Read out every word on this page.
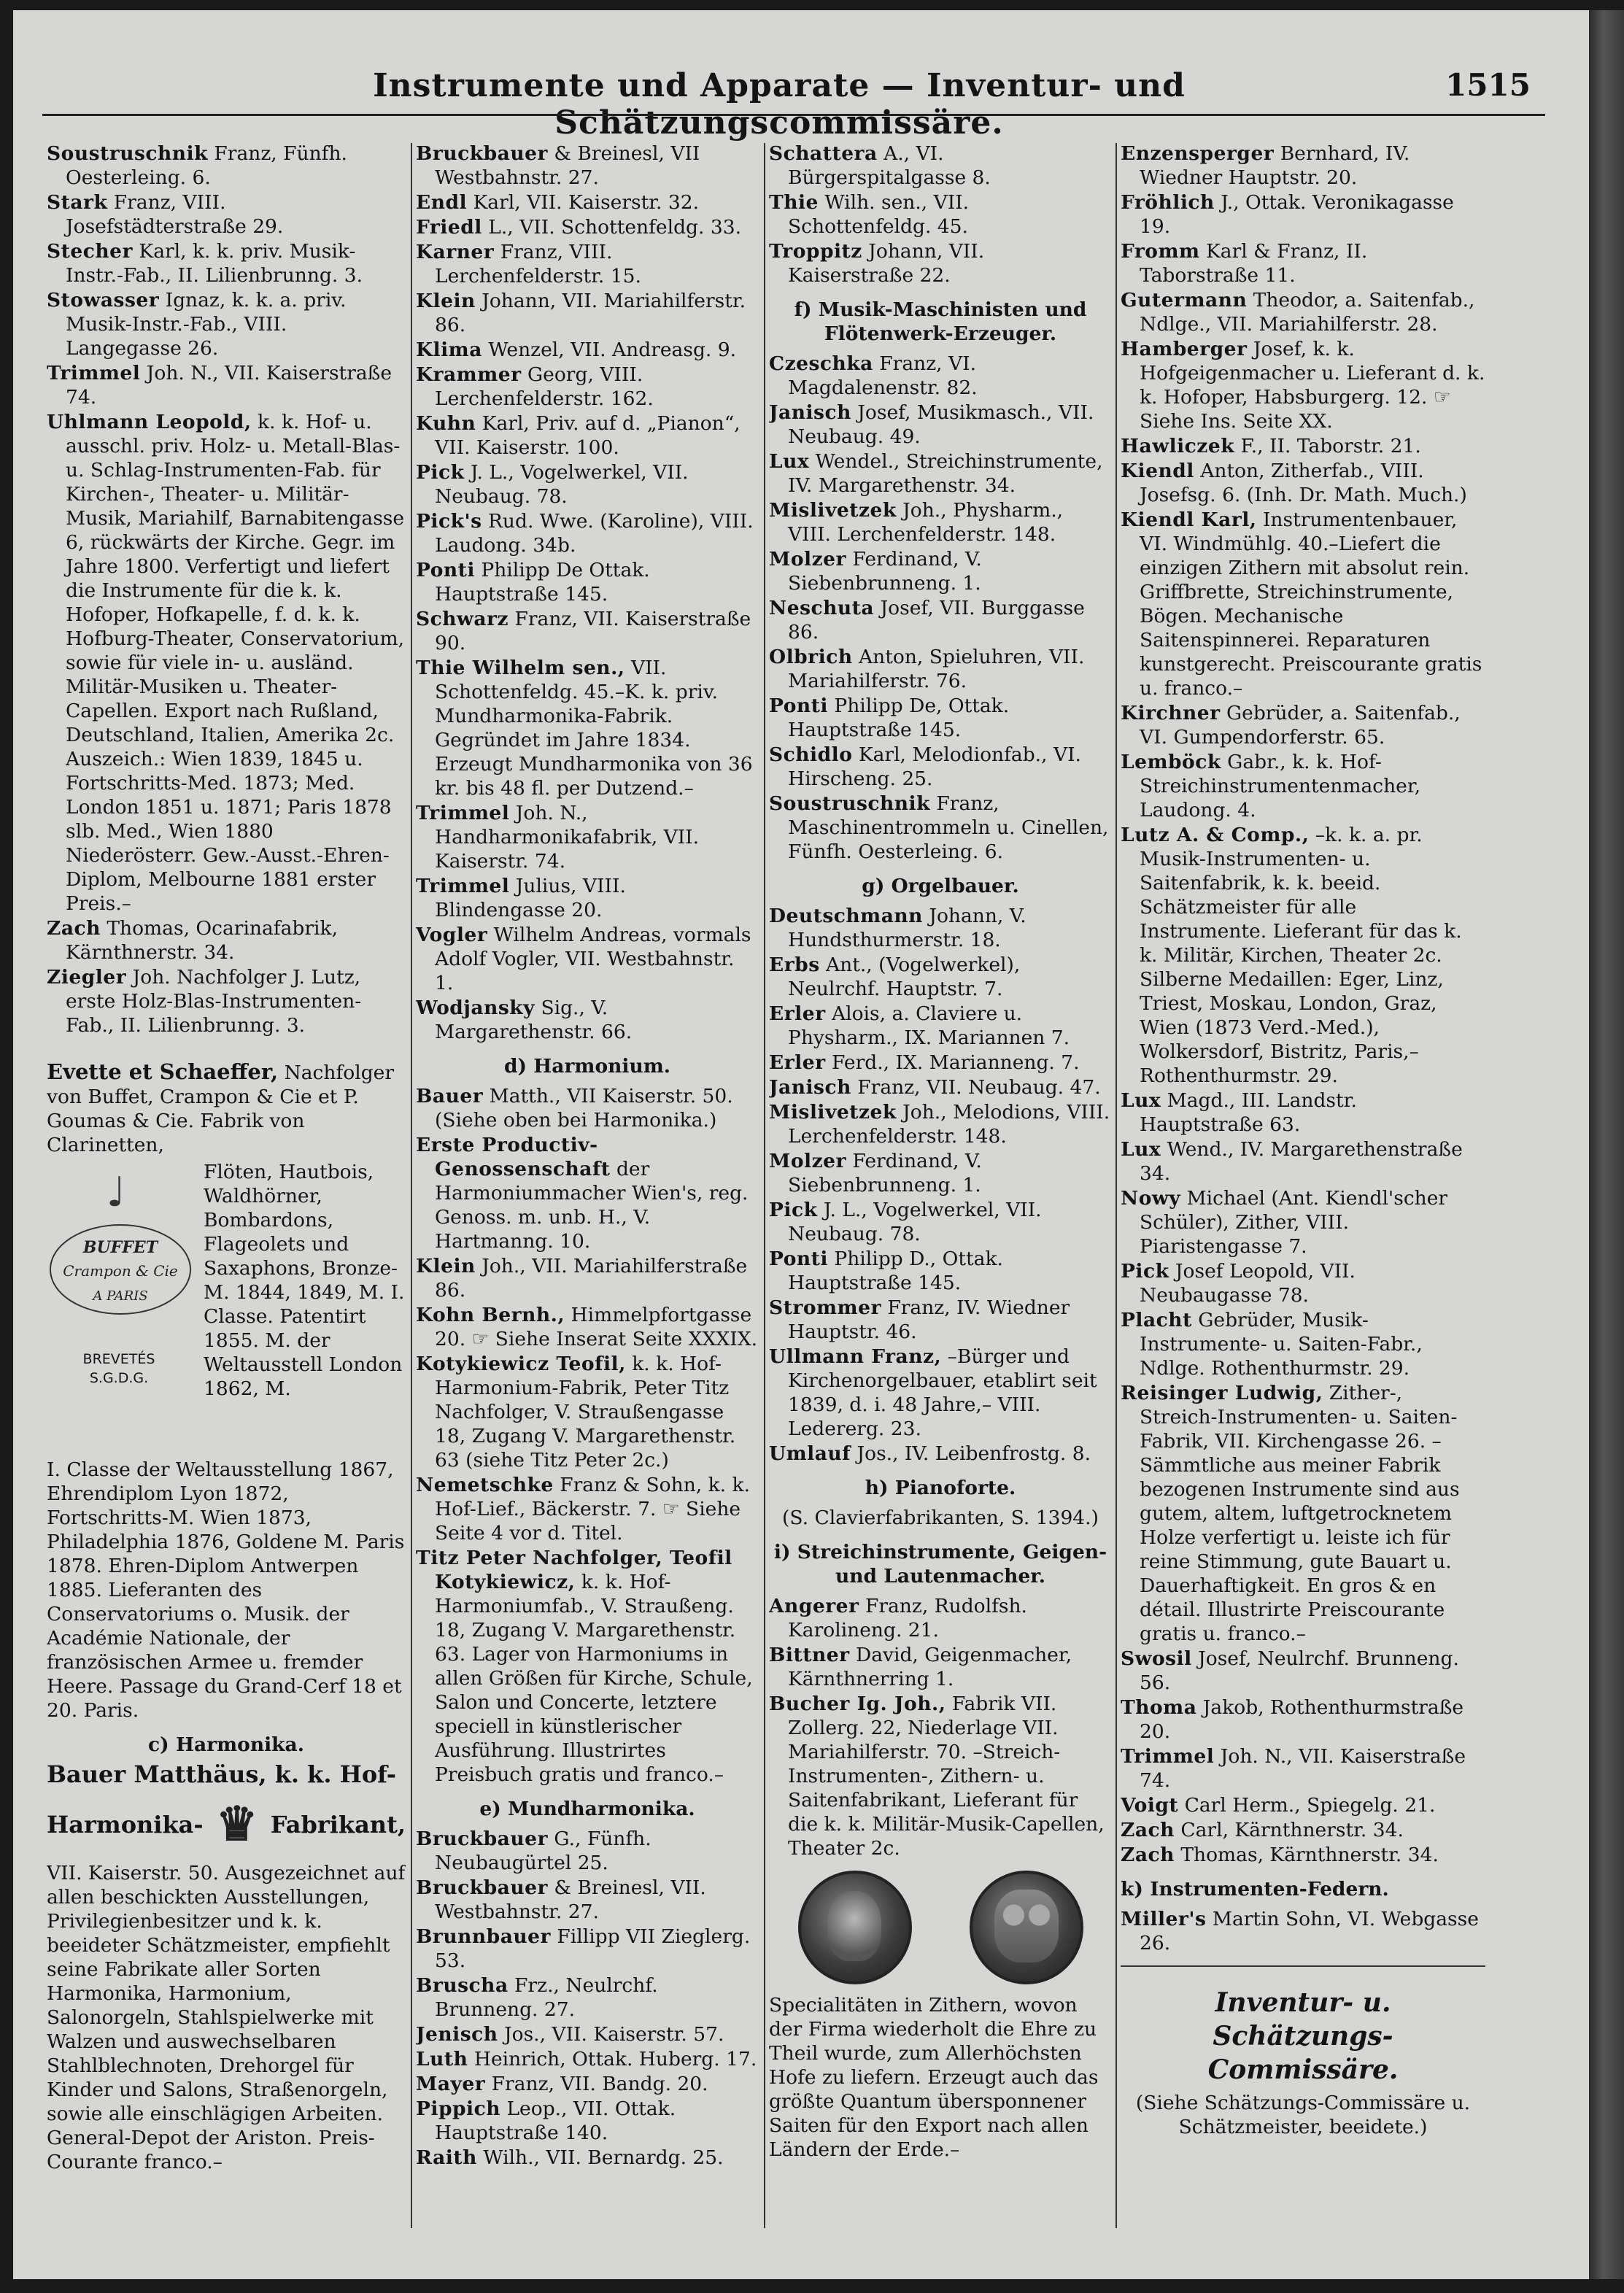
Instrumente und Apparate — Inventur- und Schätzungscommissäre.
1515
Soustruschnik Franz, Fünfh. Oesterleing. 6.
Stark Franz, VIII. Josefstädterstraße 29.
Stecher Karl, k. k. priv. Musik-Instr.-Fab., II. Lilienbrunng. 3.
Stowasser Ignaz, k. k. a. priv. Musik-Instr.-Fab., VIII. Langegasse 26.
Trimmel Joh. N., VII. Kaiserstraße 74.
Uhlmann Leopold, k. k. Hof- u. ausschl. priv. Holz- u. Metall-Blas- u. Schlag-Instrumenten-Fab. für Kirchen-, Theater- u. Militär-Musik, Mariahilf, Barnabitengasse 6, rückwärts der Kirche. Gegr. im Jahre 1800. Verfertigt und liefert die Instrumente für die k. k. Hofoper, Hofkapelle, f. d. k. k. Hofburg-Theater, Conservatorium, sowie für viele in- u. ausländ. Militär-Musiken u. Theater-Capellen. Export nach Rußland, Deutschland, Italien, Amerika 2c. Auszeich.: Wien 1839, 1845 u. Fortschritts-Med. 1873; Med. London 1851 u. 1871; Paris 1878 slb. Med., Wien 1880 Niederösterr. Gew.-Ausst.-Ehren-Diplom, Melbourne 1881 erster Preis.–
Zach Thomas, Ocarinafabrik, Kärnthnerstr. 34.
Ziegler Joh. Nachfolger J. Lutz, erste Holz-Blas-Instrumenten-Fab., II. Lilienbrunng. 3.
Evette et Schaeffer, Nachfolger von Buffet, Crampon & Cie et P. Goumas & Cie. Fabrik von Clarinetten,
♩
BUFFET
Crampon & Cie
A PARIS
BREVETÉS
S.G.D.G.
Flöten, Hautbois, Waldhörner, Bombardons, Flageolets und Saxaphons, Bronze-M. 1844, 1849, M. I. Classe. Patentirt 1855. M. der Weltausstell London 1862, M.
I. Classe der Weltausstellung 1867, Ehrendiplom Lyon 1872, Fortschritts-M. Wien 1873, Philadelphia 1876, Goldene M. Paris 1878. Ehren-Diplom Antwerpen 1885. Lieferanten des Conservatoriums o. Musik. der Académie Nationale, der französischen Armee u. fremder Heere. Passage du Grand-Cerf 18 et 20. Paris.
c) Harmonika.
Bauer Matthäus, k. k. Hof-
Harmonika- ♛ Fabrikant,
VII. Kaiserstr. 50. Ausgezeichnet auf allen beschickten Ausstellungen, Privilegienbesitzer und k. k. beeideter Schätzmeister, empfiehlt seine Fabrikate aller Sorten Harmonika, Harmonium, Salonorgeln, Stahlspielwerke mit Walzen und auswechselbaren Stahlblechnoten, Drehorgel für Kinder und Salons, Straßenorgeln, sowie alle einschlägigen Arbeiten. General-Depot der Ariston. Preis-Courante franco.–
Bruckbauer & Breinesl, VII Westbahnstr. 27.
Endl Karl, VII. Kaiserstr. 32.
Friedl L., VII. Schottenfeldg. 33.
Karner Franz, VIII. Lerchenfelderstr. 15.
Klein Johann, VII. Mariahilferstr. 86.
Klima Wenzel, VII. Andreasg. 9.
Krammer Georg, VIII. Lerchenfelderstr. 162.
Kuhn Karl, Priv. auf d. „Pianon“, VII. Kaiserstr. 100.
Pick J. L., Vogelwerkel, VII. Neubaug. 78.
Pick's Rud. Wwe. (Karoline), VIII. Laudong. 34b.
Ponti Philipp De Ottak. Hauptstraße 145.
Schwarz Franz, VII. Kaiserstraße 90.
Thie Wilhelm sen., VII. Schottenfeldg. 45.–K. k. priv. Mundharmonika-Fabrik. Gegründet im Jahre 1834. Erzeugt Mundharmonika von 36 kr. bis 48 fl. per Dutzend.–
Trimmel Joh. N., Handharmonikafabrik, VII. Kaiserstr. 74.
Trimmel Julius, VIII. Blindengasse 20.
Vogler Wilhelm Andreas, vormals Adolf Vogler, VII. Westbahnstr. 1.
Wodjansky Sig., V. Margarethenstr. 66.
d) Harmonium.
Bauer Matth., VII Kaiserstr. 50. (Siehe oben bei Harmonika.)
Erste Productiv-Genossenschaft der Harmoniummacher Wien's, reg. Genoss. m. unb. H., V. Hartmanng. 10.
Klein Joh., VII. Mariahilferstraße 86.
Kohn Bernh., Himmelpfortgasse 20. ☞ Siehe Inserat Seite XXXIX.
Kotykiewicz Teofil, k. k. Hof-Harmonium-Fabrik, Peter Titz Nachfolger, V. Straußengasse 18, Zugang V. Margarethenstr. 63 (siehe Titz Peter 2c.)
Nemetschke Franz & Sohn, k. k. Hof-Lief., Bäckerstr. 7. ☞ Siehe Seite 4 vor d. Titel.
Titz Peter Nachfolger, Teofil Kotykiewicz, k. k. Hof-Harmoniumfab., V. Straußeng. 18, Zugang V. Margarethenstr. 63. Lager von Harmoniums in allen Größen für Kirche, Schule, Salon und Concerte, letztere speciell in künstlerischer Ausführung. Illustrirtes Preisbuch gratis und franco.–
e) Mundharmonika.
Bruckbauer G., Fünfh. Neubaugürtel 25.
Bruckbauer & Breinesl, VII. Westbahnstr. 27.
Brunnbauer Fillipp VII Zieglerg. 53.
Bruscha Frz., Neulrchf. Brunneng. 27.
Jenisch Jos., VII. Kaiserstr. 57.
Luth Heinrich, Ottak. Huberg. 17.
Mayer Franz, VII. Bandg. 20.
Pippich Leop., VII. Ottak. Hauptstraße 140.
Raith Wilh., VII. Bernardg. 25.
Schattera A., VI. Bürgerspitalgasse 8.
Thie Wilh. sen., VII. Schottenfeldg. 45.
Troppitz Johann, VII. Kaiserstraße 22.
f) Musik-Maschinisten und Flötenwerk-Erzeuger.
Czeschka Franz, VI. Magdalenenstr. 82.
Janisch Josef, Musikmasch., VII. Neubaug. 49.
Lux Wendel., Streichinstrumente, IV. Margarethenstr. 34.
Mislivetzek Joh., Physharm., VIII. Lerchenfelderstr. 148.
Molzer Ferdinand, V. Siebenbrunneng. 1.
Neschuta Josef, VII. Burggasse 86.
Olbrich Anton, Spieluhren, VII. Mariahilferstr. 76.
Ponti Philipp De, Ottak. Hauptstraße 145.
Schidlo Karl, Melodionfab., VI. Hirscheng. 25.
Soustruschnik Franz, Maschinentrommeln u. Cinellen, Fünfh. Oesterleing. 6.
g) Orgelbauer.
Deutschmann Johann, V. Hundsthurmerstr. 18.
Erbs Ant., (Vogelwerkel), Neulrchf. Hauptstr. 7.
Erler Alois, a. Claviere u. Physharm., IX. Mariannen 7.
Erler Ferd., IX. Marianneng. 7.
Janisch Franz, VII. Neubaug. 47.
Mislivetzek Joh., Melodions, VIII. Lerchenfelderstr. 148.
Molzer Ferdinand, V. Siebenbrunneng. 1.
Pick J. L., Vogelwerkel, VII. Neubaug. 78.
Ponti Philipp D., Ottak. Hauptstraße 145.
Strommer Franz, IV. Wiedner Hauptstr. 46.
Ullmann Franz, –Bürger und Kirchenorgelbauer, etablirt seit 1839, d. i. 48 Jahre,– VIII. Ledererg. 23.
Umlauf Jos., IV. Leibenfrostg. 8.
h) Pianoforte.
(S. Clavierfabrikanten, S. 1394.)
i) Streichinstrumente, Geigen- und Lautenmacher.
Angerer Franz, Rudolfsh. Karolineng. 21.
Bittner David, Geigenmacher, Kärnthnerring 1.
Bucher Ig. Joh., Fabrik VII. Zollerg. 22, Niederlage VII. Mariahilferstr. 70. –Streich-Instrumenten-, Zithern- u. Saitenfabrikant, Lieferant für die k. k. Militär-Musik-Capellen, Theater 2c.
Specialitäten in Zithern, wovon der Firma wiederholt die Ehre zu Theil wurde, zum Allerhöchsten Hofe zu liefern. Erzeugt auch das größte Quantum übersponnener Saiten für den Export nach allen Ländern der Erde.–
Enzensperger Bernhard, IV. Wiedner Hauptstr. 20.
Fröhlich J., Ottak. Veronikagasse 19.
Fromm Karl & Franz, II. Taborstraße 11.
Gutermann Theodor, a. Saitenfab., Ndlge., VII. Mariahilferstr. 28.
Hamberger Josef, k. k. Hofgeigenmacher u. Lieferant d. k. k. Hofoper, Habsburgerg. 12. ☞ Siehe Ins. Seite XX.
Hawliczek F., II. Taborstr. 21.
Kiendl Anton, Zitherfab., VIII. Josefsg. 6. (Inh. Dr. Math. Much.)
Kiendl Karl, Instrumentenbauer, VI. Windmühlg. 40.–Liefert die einzigen Zithern mit absolut rein. Griffbrette, Streichinstrumente, Bögen. Mechanische Saitenspinnerei. Reparaturen kunstgerecht. Preiscourante gratis u. franco.–
Kirchner Gebrüder, a. Saitenfab., VI. Gumpendorferstr. 65.
Lemböck Gabr., k. k. Hof-Streichinstrumentenmacher, Laudong. 4.
Lutz A. & Comp., –k. k. a. pr. Musik-Instrumenten- u. Saitenfabrik, k. k. beeid. Schätzmeister für alle Instrumente. Lieferant für das k. k. Militär, Kirchen, Theater 2c. Silberne Medaillen: Eger, Linz, Triest, Moskau, London, Graz, Wien (1873 Verd.-Med.), Wolkersdorf, Bistritz, Paris,– Rothenthurmstr. 29.
Lux Magd., III. Landstr. Hauptstraße 63.
Lux Wend., IV. Margarethenstraße 34.
Nowy Michael (Ant. Kiendl'scher Schüler), Zither, VIII. Piaristengasse 7.
Pick Josef Leopold, VII. Neubaugasse 78.
Placht Gebrüder, Musik-Instrumente- u. Saiten-Fabr., Ndlge. Rothenthurmstr. 29.
Reisinger Ludwig, Zither-, Streich-Instrumenten- u. Saiten-Fabrik, VII. Kirchengasse 26. –Sämmtliche aus meiner Fabrik bezogenen Instrumente sind aus gutem, altem, luftgetrocknetem Holze verfertigt u. leiste ich für reine Stimmung, gute Bauart u. Dauerhaftigkeit. En gros & en détail. Illustrirte Preiscourante gratis u. franco.–
Swosil Josef, Neulrchf. Brunneng. 56.
Thoma Jakob, Rothenthurmstraße 20.
Trimmel Joh. N., VII. Kaiserstraße 74.
Voigt Carl Herm., Spiegelg. 21.
Zach Carl, Kärnthnerstr. 34.
Zach Thomas, Kärnthnerstr. 34.
k) Instrumenten-Federn.
Miller's Martin Sohn, VI. Webgasse 26.
Inventur- u. Schätzungs-Commissäre.
(Siehe Schätzungs-Commissäre u. Schätzmeister, beeidete.)
